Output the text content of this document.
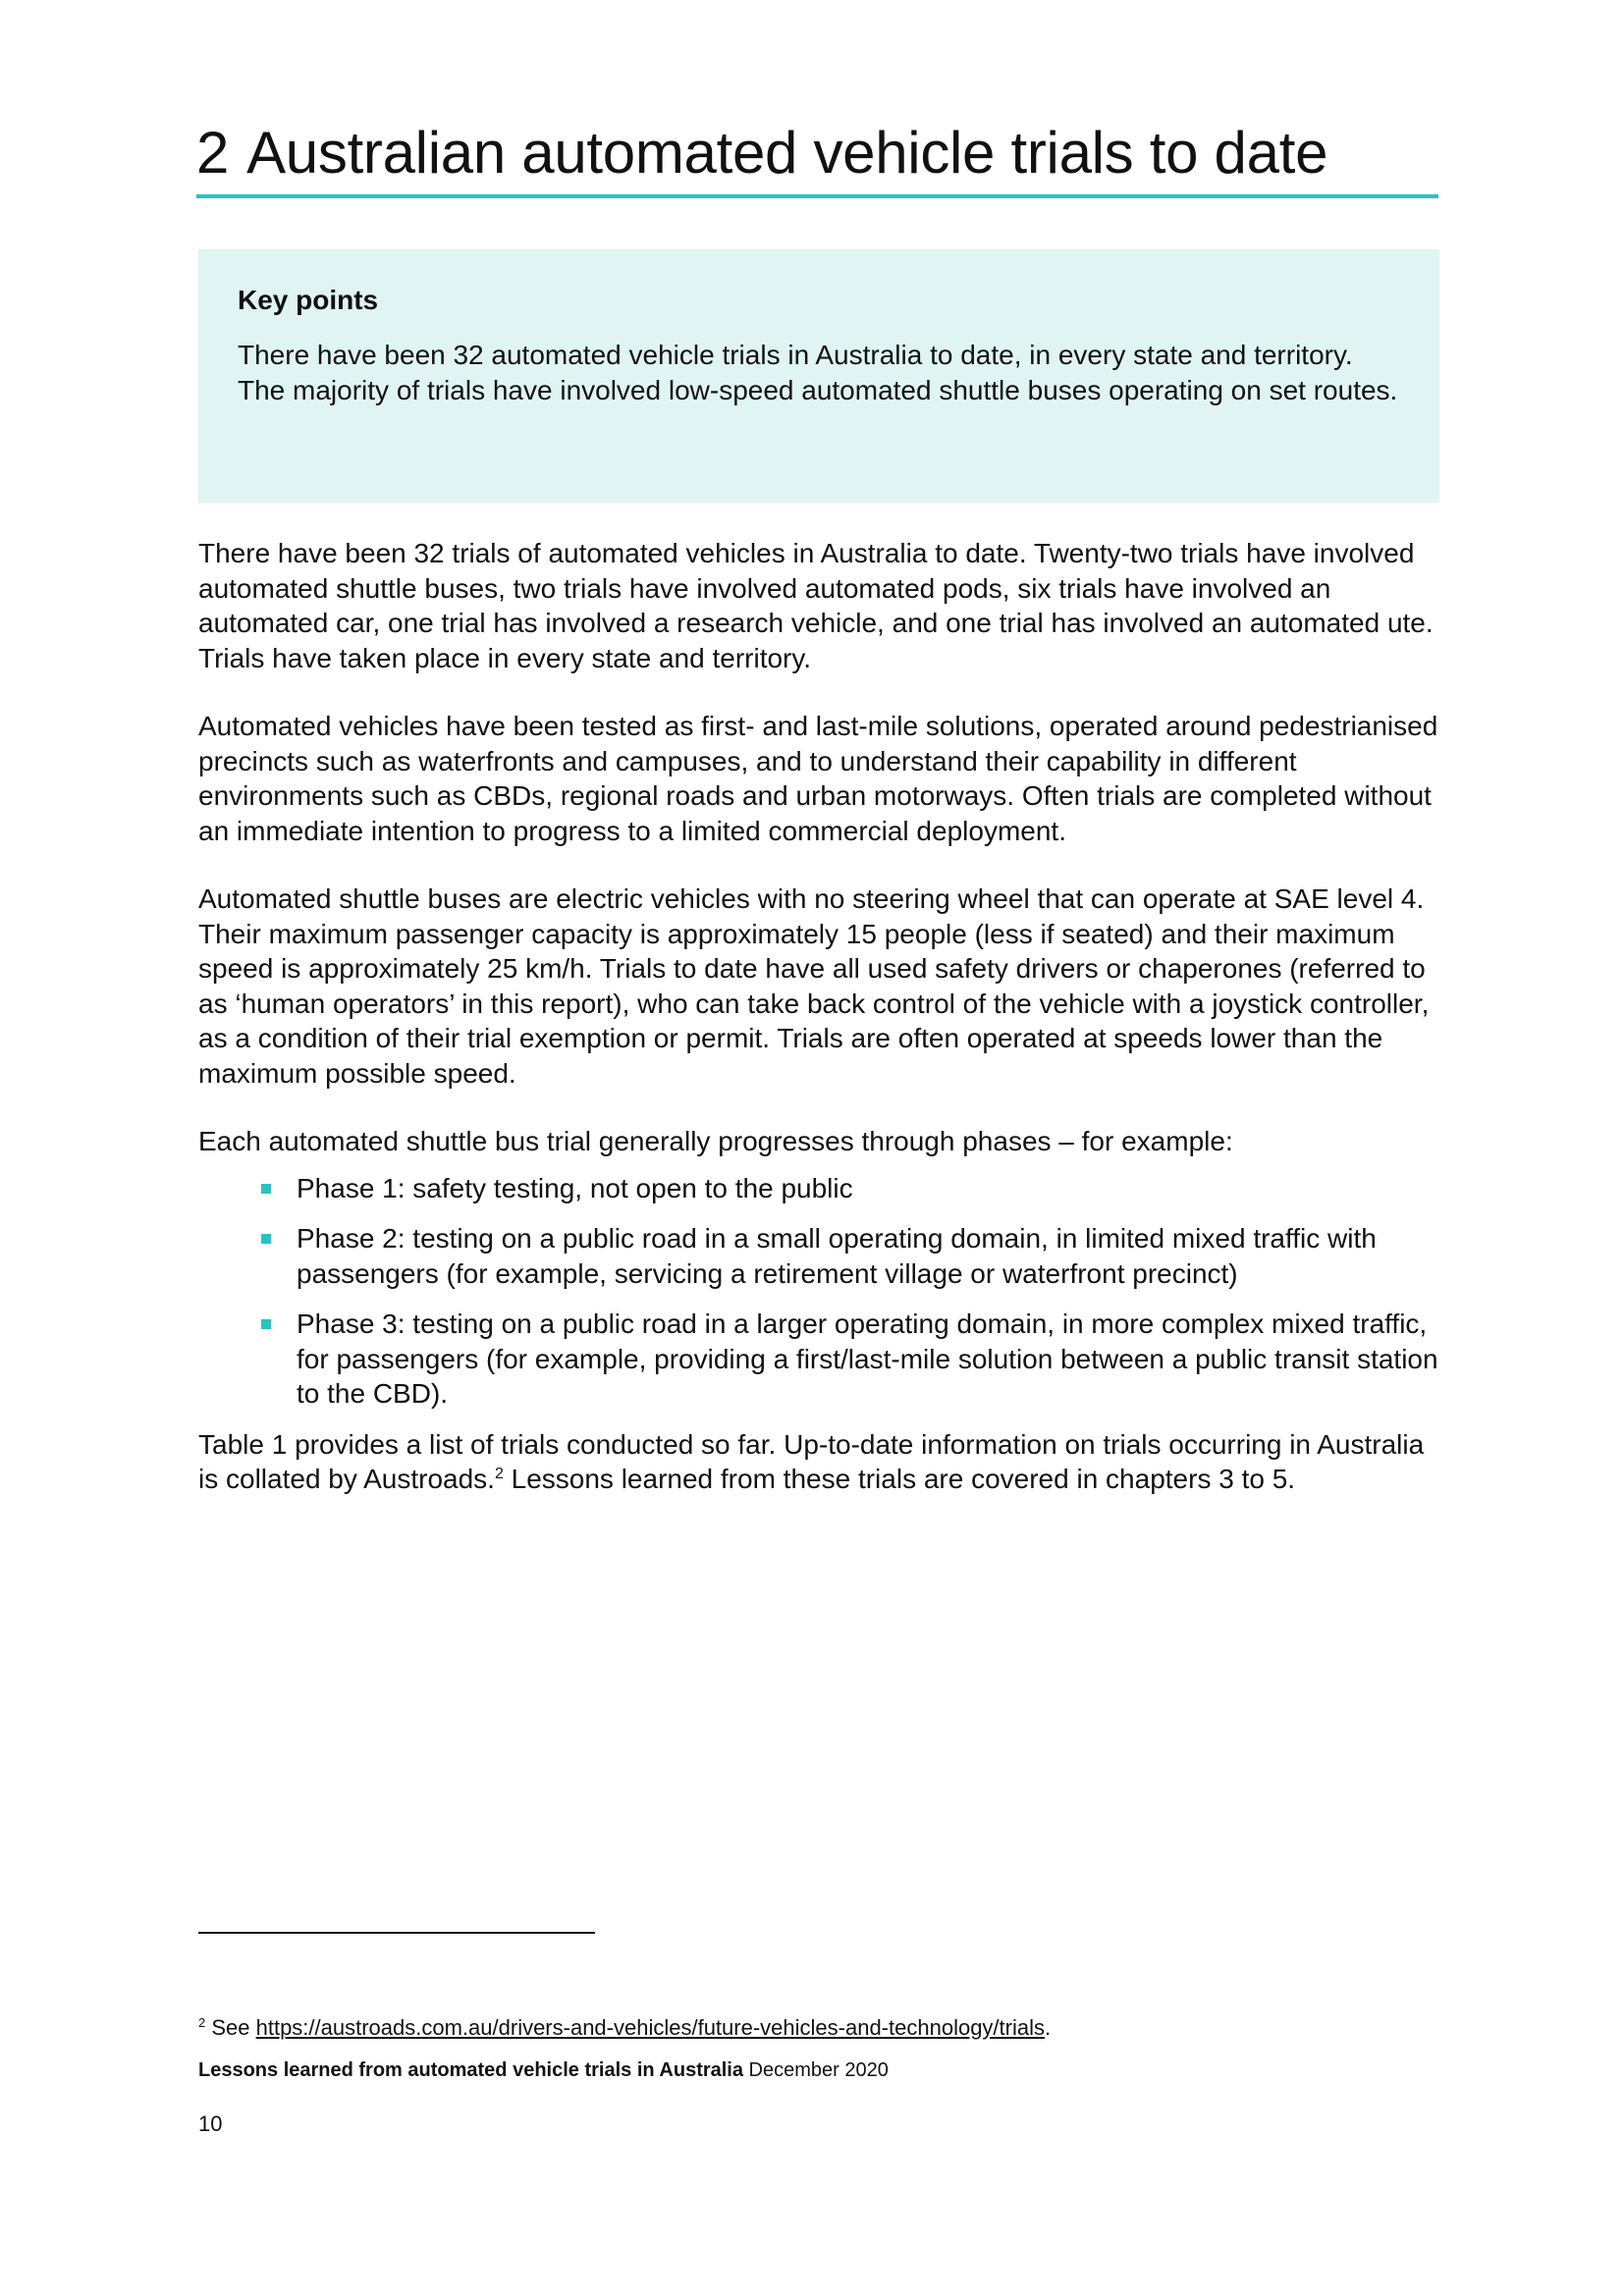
2 Australian automated vehicle trials to date

Key points

There have been 32 automated vehicle trials in Australia to date, in every state and territory. The majority of trials have involved low-speed automated shuttle buses operating on set routes.

There have been 32 trials of automated vehicles in Australia to date. Twenty-two trials have involved automated shuttle buses, two trials have involved automated pods, six trials have involved an automated car, one trial has involved a research vehicle, and one trial has involved an automated ute. Trials have taken place in every state and territory.

Automated vehicles have been tested as first- and last-mile solutions, operated around pedestrianised precincts such as waterfronts and campuses, and to understand their capability in different environments such as CBDs, regional roads and urban motorways. Often trials are completed without an immediate intention to progress to a limited commercial deployment.

Automated shuttle buses are electric vehicles with no steering wheel that can operate at SAE level 4. Their maximum passenger capacity is approximately 15 people (less if seated) and their maximum speed is approximately 25 km/h. Trials to date have all used safety drivers or chaperones (referred to as ‘human operators’ in this report), who can take back control of the vehicle with a joystick controller, as a condition of their trial exemption or permit. Trials are often operated at speeds lower than the maximum possible speed.

Each automated shuttle bus trial generally progresses through phases – for example:

Phase 1: safety testing, not open to the public
Phase 2: testing on a public road in a small operating domain, in limited mixed traffic with passengers (for example, servicing a retirement village or waterfront precinct)
Phase 3: testing on a public road in a larger operating domain, in more complex mixed traffic, for passengers (for example, providing a first/last-mile solution between a public transit station to the CBD).

Table 1 provides a list of trials conducted so far. Up-to-date information on trials occurring in Australia is collated by Austroads.$^2$ Lessons learned from these trials are covered in chapters 3 to 5.

$^2$ See https://austroads.com.au/drivers-and-vehicles/future-vehicles-and-technology/trials.

Lessons learned from automated vehicle trials in Australia December 2020

10
